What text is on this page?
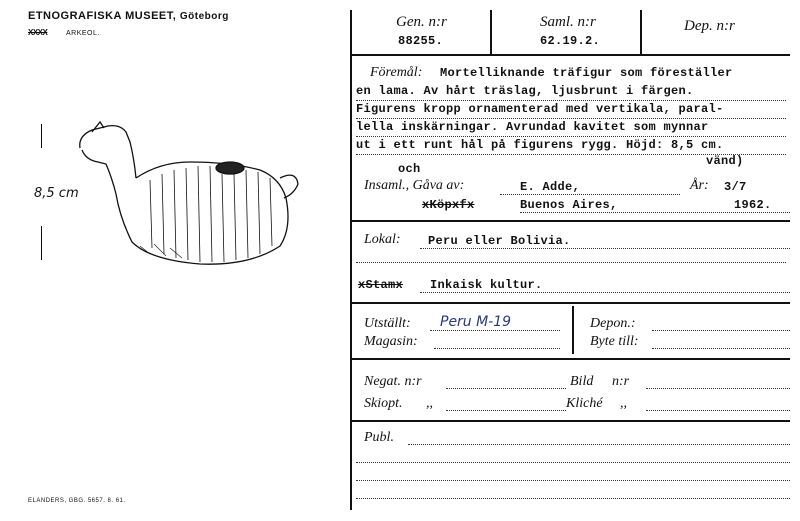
ETNOGRAFISKA MUSEET, Göteborg
XXXX	ARKEOL.
8,5 cm
ELANDERS, GBG. 5657. 8. 61.
Gen. n:r
88255.
Saml. n:r
62.19.2.
Dep. n:r
Föremål: Mortelliknande träfigur som föreställer
en lama. Av hårt träslag, ljusbrunt i färgen.
Figurens kropp ornamenterad med vertikala, paral-
lella inskärningar. Avrundad kavitet som mynnar
ut i ett runt hål på figurens rygg. Höjd: 8,5 cm.
vänd)
och
Insaml., Gåva av:	E. Adde,	År: 3/7
xKöpxfx	Buenos Aires,	1962.
Lokal: Peru eller Bolivia.
xStamx Inkaisk kultur.
Utställt: Peru M-19
Magasin:
Depon.:
Byte till:
Negat. n:r	Bild n:r
Skiopt. ,,	Kliché ,,
Publ.
